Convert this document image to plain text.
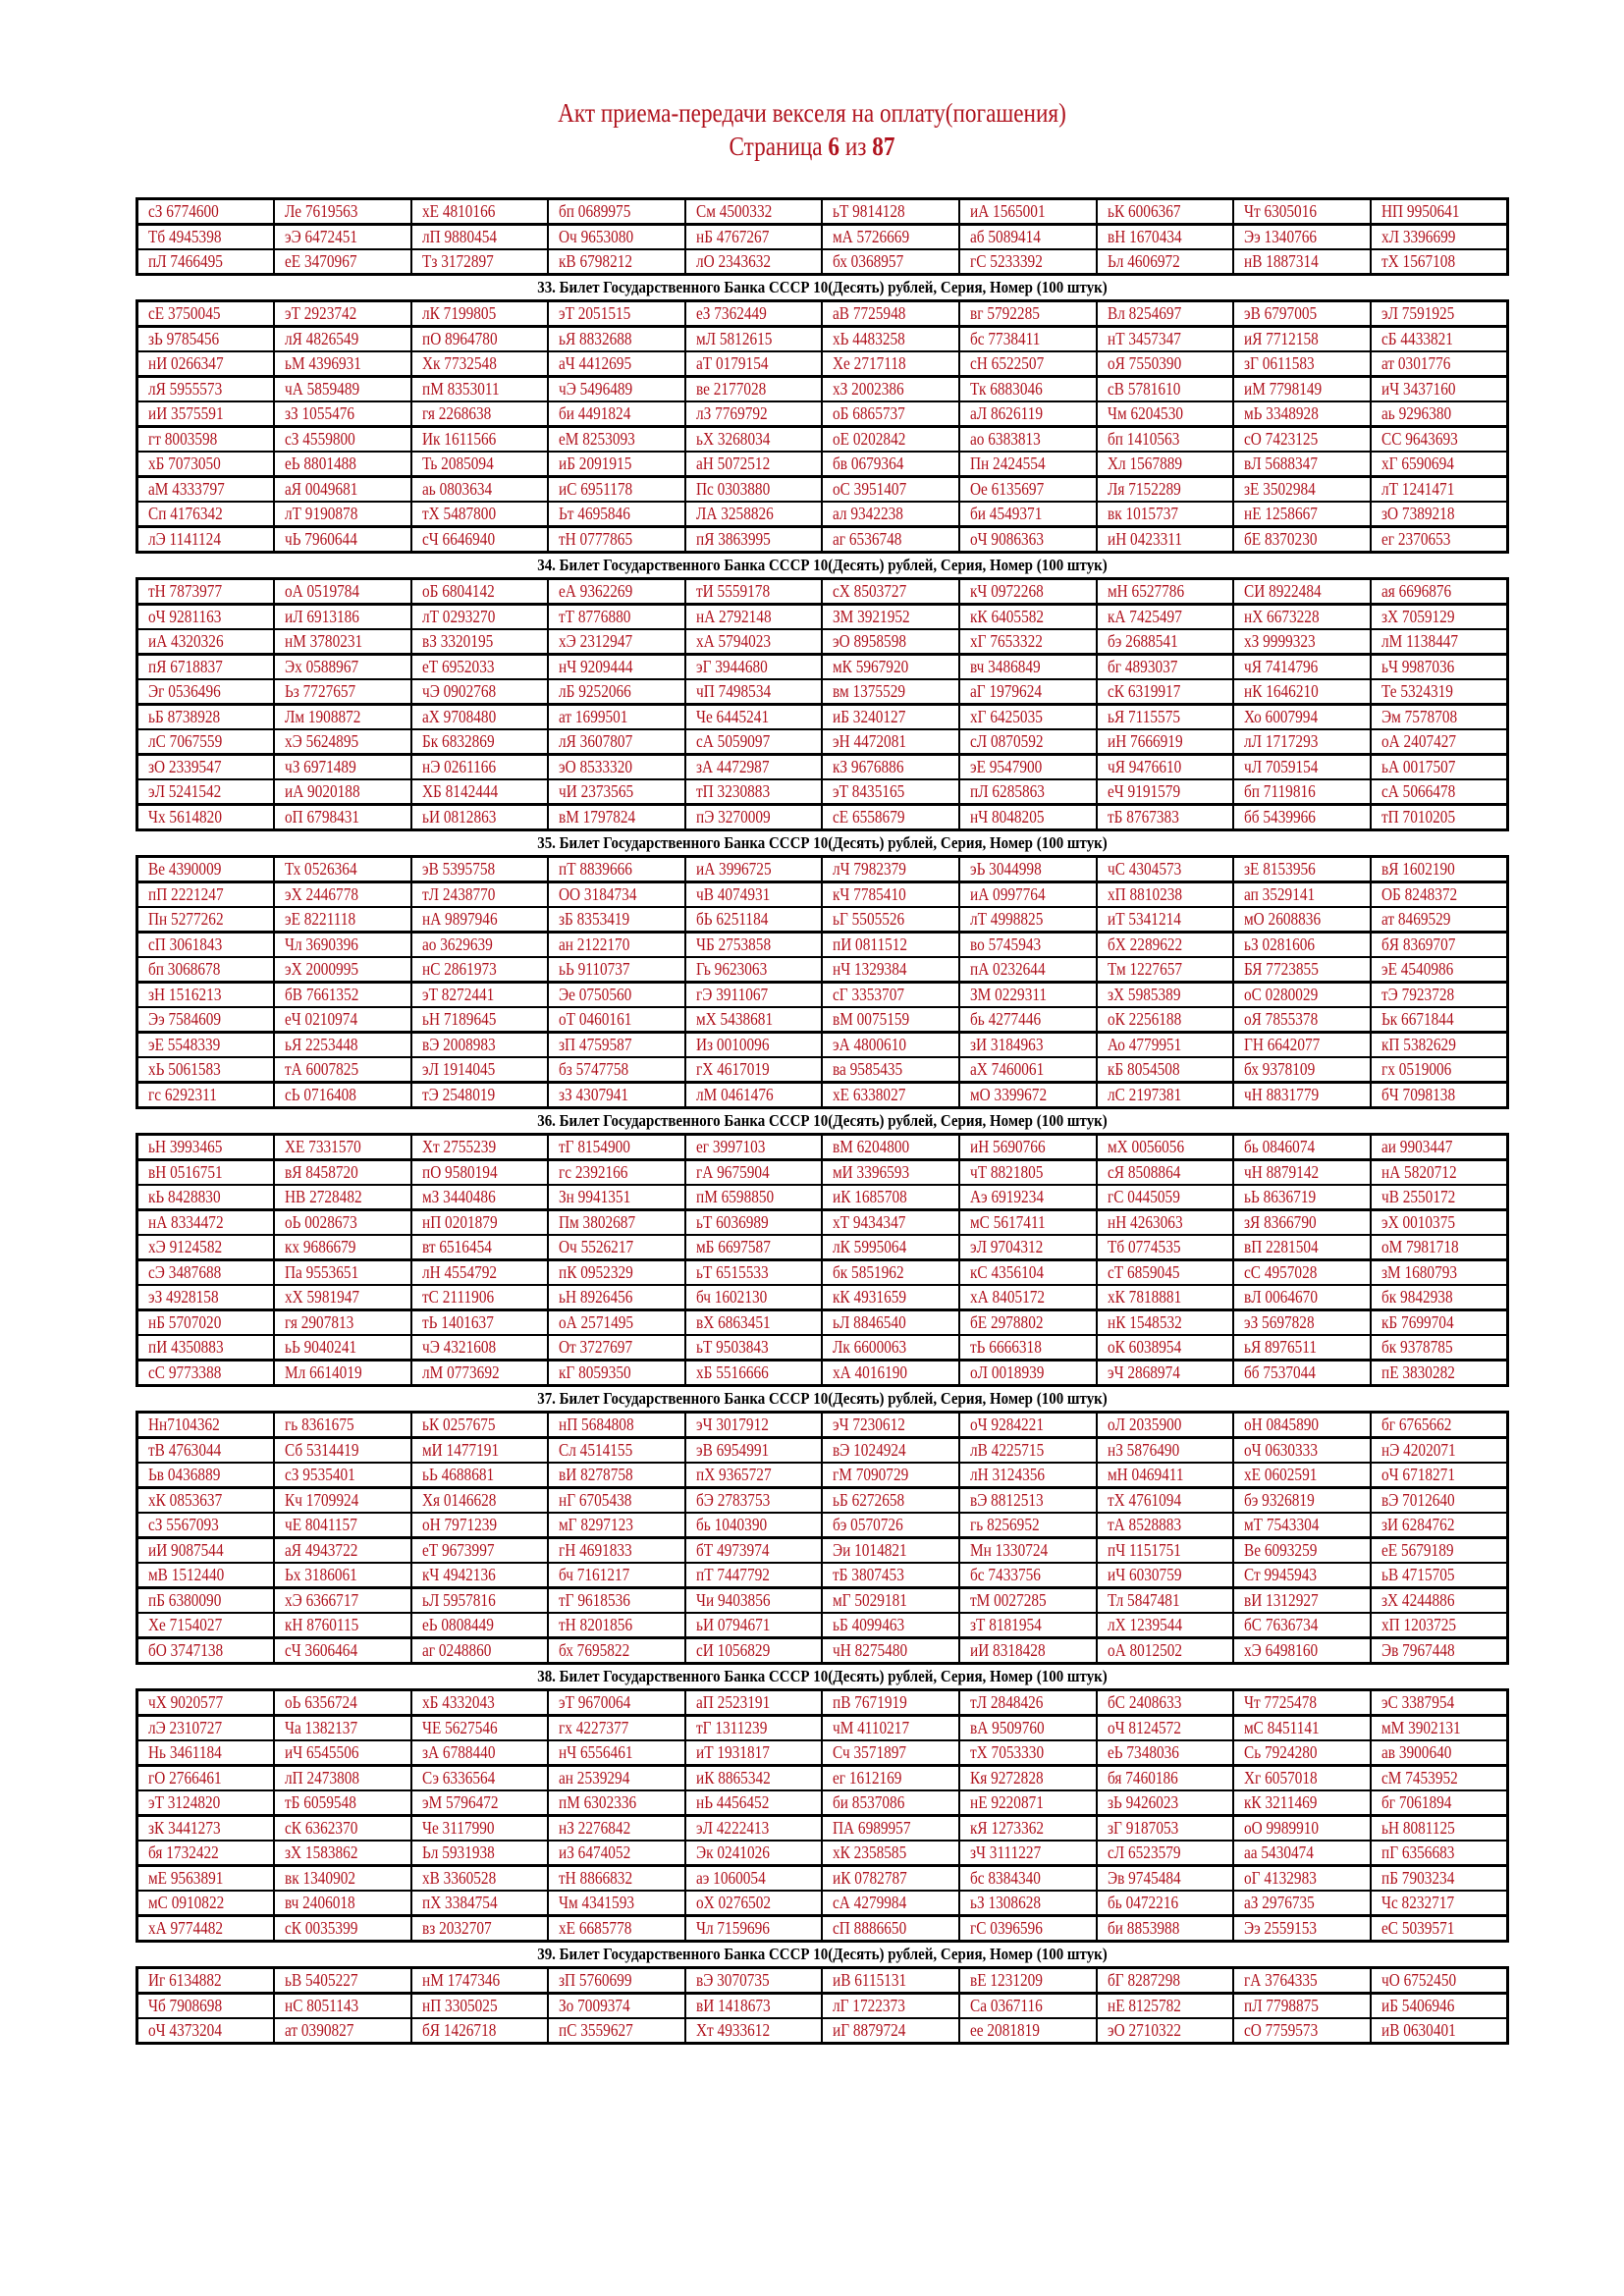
Акт приема-передачи векселя на оплату(погашения)
Страница 6 из 87
сЗ 6774600	Ле 7619563	хЕ 4810166	бп 0689975	См 4500332	ьТ 9814128	иА 1565001	ьК 6006367	Чт 6305016	НП 9950641
Тб 4945398	эЭ 6472451	лП 9880454	Оч 9653080	нБ 4767267	мА 5726669	аб 5089414	вН 1670434	Ээ 1340766	хЛ 3396699
пЛ 7466495	еЕ 3470967	Тз 3172897	кВ 6798212	лО 2343632	бх 0368957	гС 5233392	Ьл 4606972	нВ 1887314	тХ 1567108
33. Билет Государственного Банка СССР 10(Десять) рублей, Серия, Номер (100 штук)
сЕ 3750045	эТ 2923742	лК 7199805	эТ 2051515	еЗ 7362449	аВ 7725948	вг 5792285	Вл 8254697	эВ 6797005	эЛ 7591925
зЬ 9785456	лЯ 4826549	пО 8964780	ьЯ 8832688	мЛ 5812615	хЬ 4483258	бс 7738411	нТ 3457347	иЯ 7712158	сБ 4433821
нИ 0266347	ьМ 4396931	Хк 7732548	аЧ 4412695	аТ 0179154	Хе 2717118	сН 6522507	оЯ 7550390	зГ 0611583	ат 0301776
лЯ 5955573	чА 5859489	пМ 8353011	чЭ 5496489	ве 2177028	хЗ 2002386	Тк 6883046	сВ 5781610	иМ 7798149	иЧ 3437160
иИ 3575591	зЗ 1055476	гя 2268638	би 4491824	лЗ 7769792	оБ 6865737	аЛ 8626119	Чм 6204530	мЬ 3348928	аь 9296380
гт 8003598	сЗ 4559800	Ик 1611566	еМ 8253093	ьХ 3268034	оЕ 0202842	ао 6383813	бп 1410563	сО 7423125	СС 9643693
хБ 7073050	еЬ 8801488	Ть 2085094	иБ 2091915	аН 5072512	бв 0679364	Пн 2424554	Хл 1567889	вЛ 5688347	хГ 6590694
аМ 4333797	аЯ 0049681	аь 0803634	иС 6951178	Пс 0303880	оС 3951407	Ое 6135697	Ля 7152289	зЕ 3502984	лТ 1241471
Сп 4176342	лТ 9190878	тХ 5487800	Ьт 4695846	ЛА 3258826	ал 9342238	би 4549371	вк 1015737	нЕ 1258667	зО 7389218
лЭ 1141124	чЬ 7960644	сЧ 6646940	тН 0777865	пЯ 3863995	аг 6536748	оЧ 9086363	иН 0423311	бЕ 8370230	ег 2370653
34. Билет Государственного Банка СССР 10(Десять) рублей, Серия, Номер (100 штук)
тН 7873977	оА 0519784	оБ 6804142	еА 9362269	тИ 5559178	сХ 8503727	кЧ 0972268	мН 6527786	СИ 8922484	ая 6696876
оЧ 9281163	иЛ 6913186	лТ 0293270	тТ 8776880	нА 2792148	ЗМ 3921952	кК 6405582	кА 7425497	нХ 6673228	зХ 7059129
иА 4320326	нМ 3780231	вЗ 3320195	хЭ 2312947	хА 5794023	эО 8958598	хГ 7653322	бэ 2688541	хЗ 9999323	лМ 1138447
пЯ 6718837	Эх 0588967	еТ 6952033	нЧ 9209444	эГ 3944680	мК 5967920	вч 3486849	бг 4893037	чЯ 7414796	ьЧ 9987036
Эг 0536496	Ьз 7727657	чЭ 0902768	лБ 9252066	чП 7498534	вм 1375529	аГ 1979624	сК 6319917	нК 1646210	Те 5324319
ьБ 8738928	Лм 1908872	аХ 9708480	ат 1699501	Че 6445241	иБ 3240127	хГ 6425035	ьЯ 7115575	Хо 6007994	Эм 7578708
лС 7067559	хЭ 5624895	Бк 6832869	лЯ 3607807	сА 5059097	эН 4472081	сЛ 0870592	иН 7666919	лЛ 1717293	оА 2407427
зО 2339547	чЗ 6971489	нЭ 0261166	эО 8533320	зА 4472987	кЗ 9676886	эЕ 9547900	чЯ 9476610	чЛ 7059154	ьА 0017507
эЛ 5241542	иА 9020188	ХБ 8142444	чИ 2373565	тП 3230883	эТ 8435165	пЛ 6285863	еЧ 9191579	бп 7119816	сА 5066478
Чх 5614820	оП 6798431	ьИ 0812863	вМ 1797824	пЭ 3270009	сЕ 6558679	нЧ 8048205	тБ 8767383	бб 5439966	тП 7010205
35. Билет Государственного Банка СССР 10(Десять) рублей, Серия, Номер (100 штук)
Ве 4390009	Тх 0526364	эВ 5395758	пТ 8839666	иА 3996725	лЧ 7982379	эЬ 3044998	чС 4304573	зЕ 8153956	вЯ 1602190
пП 2221247	эХ 2446778	тЛ 2438770	ОО 3184734	чВ 4074931	кЧ 7785410	иА 0997764	хП 8810238	ап 3529141	ОБ 8248372
Пн 5277262	эЕ 8221118	нА 9897946	зБ 8353419	бЬ 6251184	ьГ 5505526	лТ 4998825	иТ 5341214	мО 2608836	ат 8469529
сП 3061843	Чл 3690396	ао 3629639	ан 2122170	ЧБ 2753858	пИ 0811512	во 5745943	бХ 2289622	ьЗ 0281606	бЯ 8369707
бп 3068678	эХ 2000995	нС 2861973	ьЬ 9110737	Гь 9623063	нЧ 1329384	пА 0232644	Тм 1227657	БЯ 7723855	эЕ 4540986
зН 1516213	бВ 7661352	эТ 8272441	Эе 0750560	гЭ 3911067	сГ 3353707	ЗМ 0229311	зХ 5985389	оС 0280029	тЭ 7923728
Ээ 7584609	еЧ 0210974	ьН 7189645	оТ 0460161	мХ 5438681	вМ 0075159	бь 4277446	оК 2256188	оЯ 7855378	Ьк 6671844
эЕ 5548339	ьЯ 2253448	вЭ 2008983	зП 4759587	Из 0010096	эА 4800610	зИ 3184963	Ао 4779951	ГН 6642077	кП 5382629
хЬ 5061583	тА 6007825	эЛ 1914045	бз 5747758	гХ 4617019	ва 9585435	аХ 7460061	кБ 8054508	бх 9378109	гх 0519006
гс 6292311	сЬ 0716408	тЭ 2548019	зЗ 4307941	лМ 0461476	хЕ 6338027	мО 3399672	лС 2197381	чН 8831779	бЧ 7098138
36. Билет Государственного Банка СССР 10(Десять) рублей, Серия, Номер (100 штук)
ьН 3993465	ХЕ 7331570	Хт 2755239	тГ 8154900	ег 3997103	вМ 6204800	иН 5690766	мХ 0056056	бь 0846074	аи 9903447
вН 0516751	вЯ 8458720	пО 9580194	гс 2392166	гА 9675904	мИ 3396593	чТ 8821805	сЯ 8508864	чН 8879142	нА 5820712
кЬ 8428830	НВ 2728482	мЗ 3440486	Зн 9941351	пМ 6598850	иК 1685708	Аэ 6919234	гС 0445059	ьЬ 8636719	чВ 2550172
нА 8334472	оЬ 0028673	нП 0201879	Пм 3802687	ьТ 6036989	хТ 9434347	мС 5617411	нН 4263063	зЯ 8366790	эХ 0010375
хЭ 9124582	кх 9686679	вт 6516454	Оч 5526217	мБ 6697587	лК 5995064	эЛ 9704312	Тб 0774535	вП 2281504	оМ 7981718
сЭ 3487688	Па 9553651	лН 4554792	пК 0952329	ьТ 6515533	бк 5851962	кС 4356104	сТ 6859045	сС 4957028	зМ 1680793
эЗ 4928158	хХ 5981947	тС 2111906	ьН 8926456	бч 1602130	кК 4931659	хА 8405172	хК 7818881	вЛ 0064670	бк 9842938
нБ 5707020	гя 2907813	тЬ 1401637	оА 2571495	вХ 6863451	ьЛ 8846540	бЕ 2978802	нК 1548532	эЗ 5697828	кБ 7699704
пИ 4350883	ьЬ 9040241	чЭ 4321608	От 3727697	ьТ 9503843	Лк 6600063	тЬ 6666318	оК 6038954	ьЯ 8976511	бк 9378785
сС 9773388	Мл 6614019	лМ 0773692	кГ 8059350	хБ 5516666	хА 4016190	оЛ 0018939	эЧ 2868974	бб 7537044	пЕ 3830282
37. Билет Государственного Банка СССР 10(Десять) рублей, Серия, Номер (100 штук)
Нн7104362	гь 8361675	ьК 0257675	нП 5684808	эЧ 3017912	эЧ 7230612	оЧ 9284221	оЛ 2035900	оН 0845890	бг 6765662
тВ 4763044	Сб 5314419	мИ 1477191	Сл 4514155	эВ 6954991	вЭ 1024924	лВ 4225715	нЗ 5876490	оЧ 0630333	нЭ 4202071
Ьв 0436889	сЗ 9535401	ьЬ 4688681	вИ 8278758	пХ 9365727	гМ 7090729	лН 3124356	мН 0469411	хЕ 0602591	оЧ 6718271
хК 0853637	Кч 1709924	Хя 0146628	нГ 6705438	бЭ 2783753	ьБ 6272658	вЭ 8812513	тХ 4761094	бэ 9326819	вЭ 7012640
сЗ 5567093	чЕ 8041157	оН 7971239	мГ 8297123	бь 1040390	бэ 0570726	гь 8256952	тА 8528883	мТ 7543304	зИ 6284762
иИ 9087544	аЯ 4943722	еТ 9673997	гН 4691833	бТ 4973974	Эи 1014821	Мн 1330724	пЧ 1151751	Ве 6093259	еЕ 5679189
мВ 1512440	Ьх 3186061	кЧ 4942136	бч 7161217	пТ 7447792	тБ 3807453	бс 7433756	иЧ 6030759	Ст 9945943	ьВ 4715705
пБ 6380090	хЭ 6366717	ьЛ 5957816	тГ 9618536	Чи 9403856	мГ 5029181	тМ 0027285	Тл 5847481	вИ 1312927	зХ 4244886
Хе 7154027	кН 8760115	еЬ 0808449	тН 8201856	ьИ 0794671	ьБ 4099463	зТ 8181954	лХ 1239544	бС 7636734	хП 1203725
бО 3747138	сЧ 3606464	аг 0248860	бх 7695822	сИ 1056829	чН 8275480	иИ 8318428	оА 8012502	хЭ 6498160	Эв 7967448
38. Билет Государственного Банка СССР 10(Десять) рублей, Серия, Номер (100 штук)
чХ 9020577	оЬ 6356724	хБ 4332043	эТ 9670064	аП 2523191	пВ 7671919	тЛ 2848426	бС 2408633	Чт 7725478	эС 3387954
лЭ 2310727	Ча 1382137	ЧЕ 5627546	гх 4227377	тГ 1311239	чМ 4110217	вА 9509760	оЧ 8124572	мС 8451141	мМ 3902131
Нь 3461184	иЧ 6545506	зА 6788440	нЧ 6556461	иТ 1931817	Сч 3571897	тХ 7053330	еЬ 7348036	Сь 7924280	ав 3900640
гО 2766461	лП 2473808	Сэ 6336564	ан 2539294	иК 8865342	ег 1612169	Кя 9272828	бя 7460186	Хг 6057018	сМ 7453952
эТ 3124820	тБ 6059548	эМ 5796472	пМ 6302336	нЬ 4456452	би 8537086	нЕ 9220871	зЬ 9426023	кК 3211469	бг 7061894
зК 3441273	сК 6362370	Че 3117990	нЗ 2276842	эЛ 4222413	ПА 6989957	кЯ 1273362	зГ 9187053	оО 9989910	ьН 8081125
бя 1732422	зХ 1583862	Ьл 5931938	иЗ 6474052	Эк 0241026	хК 2358585	зЧ 3111227	сЛ 6523579	аа 5430474	пГ 6356683
мЕ 9563891	вк 1340902	хВ 3360528	тН 8866832	аэ 1060054	иК 0782787	бс 8384340	Эв 9745484	оГ 4132983	пБ 7903234
мС 0910822	вч 2406018	пХ 3384754	Чм 4341593	оХ 0276502	сА 4279984	ьЗ 1308628	бь 0472216	аЗ 2976735	Чс 8232717
хА 9774482	сК 0035399	вз 2032707	хЕ 6685778	Чл 7159696	сП 8886650	гС 0396596	би 8853988	Ээ 2559153	еС 5039571
39. Билет Государственного Банка СССР 10(Десять) рублей, Серия, Номер (100 штук)
Иг 6134882	ьВ 5405227	нМ 1747346	зП 5760699	вЭ 3070735	иВ 6115131	вЕ 1231209	бГ 8287298	гА 3764335	чО 6752450
Чб 7908698	нС 8051143	нП 3305025	Зо 7009374	вИ 1418673	лГ 1722373	Са 0367116	нЕ 8125782	пЛ 7798875	иБ 5406946
оЧ 4373204	ат 0390827	бЯ 1426718	пС 3559627	Хт 4933612	иГ 8879724	ее 2081819	эО 2710322	сО 7759573	иВ 0630401
